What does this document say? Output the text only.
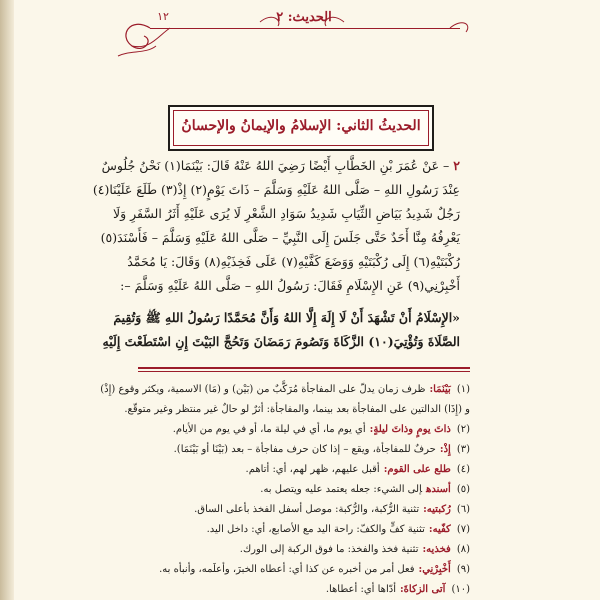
١٢	الحديث: ٢
الحديثُ الثاني: الإسلامُ والإيمانُ والإحسانُ
٢ – عَنْ عُمَرَ بْنِ الخَطَّابِ أَيْضًا رَضِيَ اللهُ عَنْهُ قَالَ: بَيْنَمَا(١) نَحْنُ جُلُوسٌ
عِنْدَ رَسُولِ اللهِ – صَلَّى اللهُ عَلَيْهِ وَسَلَّمَ – ذَاتَ يَوْمٍ(٢) إِذْ(٣) طَلَعَ عَلَيْنَا(٤)
رَجُلٌ شَدِيدُ بَيَاضِ الثِّيَابِ شَدِيدُ سَوَادِ الشَّعْرِ لَا يُرَى عَلَيْهِ أَثَرُ السَّفَرِ وَلَا
يَعْرِفُهُ مِنَّا أَحَدٌ حَتَّى جَلَسَ إِلَى النَّبِيِّ – صَلَّى اللهُ عَلَيْهِ وَسَلَّمَ – فَأَسْنَدَ(٥)
رُكْبَتَيْهِ(٦) إِلَى رُكْبَتَيْهِ وَوَضَعَ كَفَّيْهِ(٧) عَلَى فَخِذَيْهِ(٨) وَقَالَ: يَا مُحَمَّدُ
أَخْبِرْنِي(٩) عَنِ الإِسْلَامِ فَقَالَ: رَسُولُ اللهِ – صَلَّى اللهُ عَلَيْهِ وَسَلَّمَ –:
«الإِسْلَامُ أَنْ تَشْهَدَ أَنْ لَا إِلَهَ إِلَّا اللهُ وَأَنَّ مُحَمَّدًا رَسُولُ اللهِ ﷺ وَتُقِيمَ
الصَّلَاةَ وَتُؤْتِيَ(١٠) الزَّكَاةَ وَتَصُومَ رَمَضَانَ وَتَحُجَّ البَيْتَ إِنِ اسْتَطَعْتَ إِلَيْهِ
(١)بَيْنَمَا:ظرف زمان يدلّ على المفاجأة مُرَكَّبٌ من (بَيْن) و (مَا) الاسمية، ويكثر وقوع (إِذْ)
و (إِذَا) الدالتين على المفاجأة بعد بينما، والمفاجأة: أثرٌ لو حالٌ غير منتظر وغير متوقّع.
(٢)ذاتَ يومٍ وذاتَ ليلةٍ:أي يوم ما، أي في ليلة ما، أو في يوم من الأيام.
(٣)إِذْ:حرفٌ للمفاجأة، ويقع – إذا كان حرف مفاجأة – بعد (بَيْنَا أو بَيْنَمَا).
(٤)طلع على القوم:أقبل عليهم، ظهر لهم، أي: أتاهم.
(٥)أسندهإلى الشيء: جعله يعتمد عليه ويتصل به.
(٦)رُكبتيه:تثنية الرُّكبة، والرُّكبة: موصل أسفل الفخذ بأعلى الساق.
(٧)كفّيه:تثنية كفٍّ والكفّ: راحة اليد مع الأصابع، أي: داخل اليد.
(٨)فخذيه:تثنية فخذ والفخذ: ما فوق الركبة إلى الورك.
(٩)أَخْبِرْنِي:فعل أمر من أخبره عن كذا أي: أعطاه الخبرَ، وأعلَمه، وأنبأه به.
(١٠)آتى الزكاةَ:أدّاها أي: أعطاها.
